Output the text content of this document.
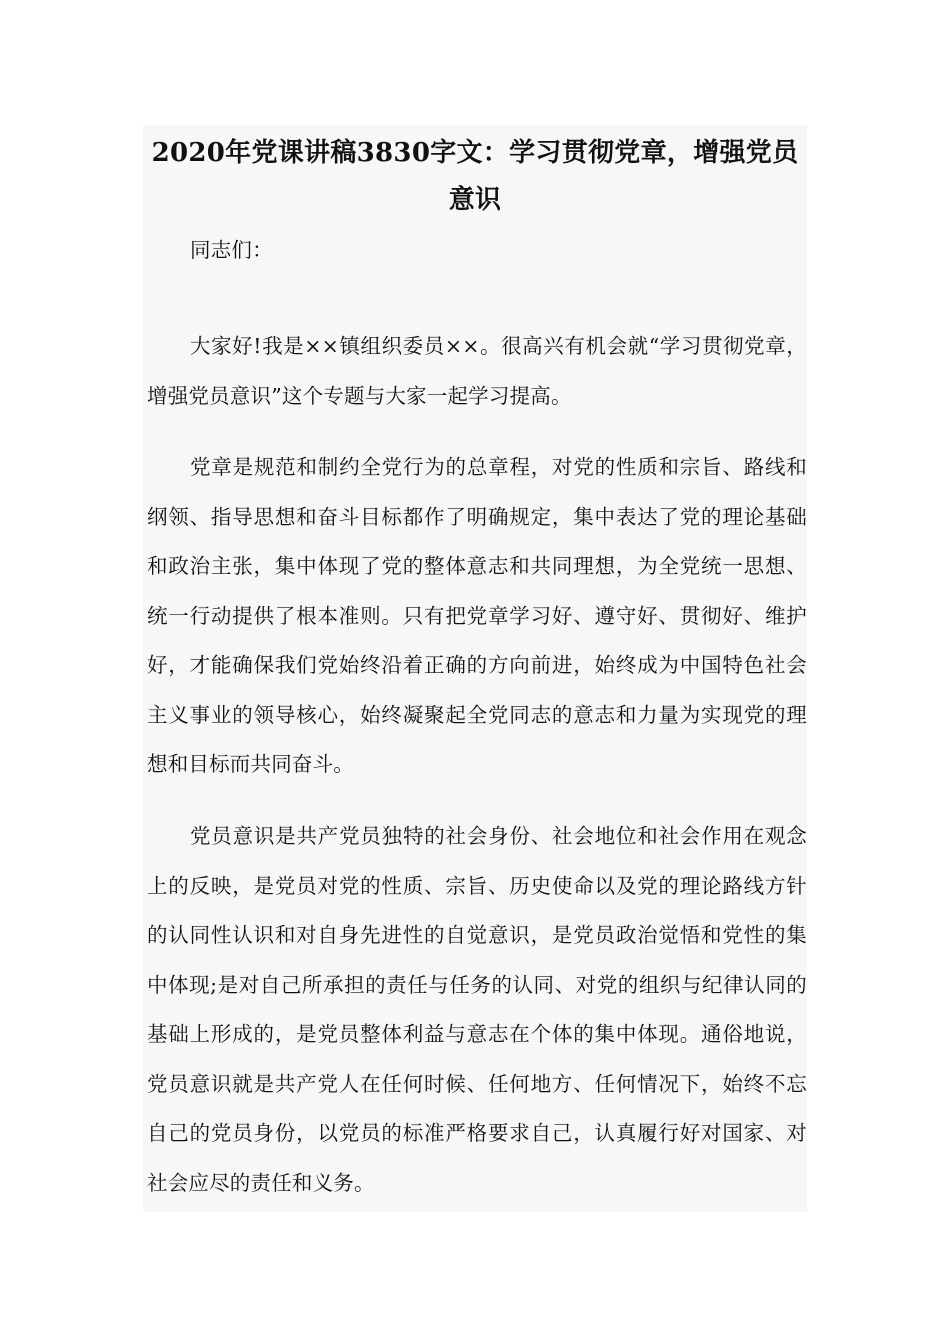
2020年党课讲稿3830字文：学习贯彻党章，增强党员意识

同志们：

大家好!我是××镇组织委员××。很高兴有机会就“学习贯彻党章，增强党员意识”这个专题与大家一起学习提高。

党章是规范和制约全党行为的总章程，对党的性质和宗旨、路线和纲领、指导思想和奋斗目标都作了明确规定，集中表达了党的理论基础和政治主张，集中体现了党的整体意志和共同理想，为全党统一思想、统一行动提供了根本准则。只有把党章学习好、遵守好、贯彻好、维护好，才能确保我们党始终沿着正确的方向前进，始终成为中国特色社会主义事业的领导核心，始终凝聚起全党同志的意志和力量为实现党的理想和目标而共同奋斗。

党员意识是共产党员独特的社会身份、社会地位和社会作用在观念上的反映，是党员对党的性质、宗旨、历史使命以及党的理论路线方针的认同性认识和对自身先进性的自觉意识，是党员政治觉悟和党性的集中体现;是对自己所承担的责任与任务的认同、对党的组织与纪律认同的基础上形成的，是党员整体利益与意志在个体的集中体现。通俗地说，党员意识就是共产党人在任何时候、任何地方、任何情况下，始终不忘自己的党员身份，以党员的标准严格要求自己，认真履行好对国家、对社会应尽的责任和义务。
